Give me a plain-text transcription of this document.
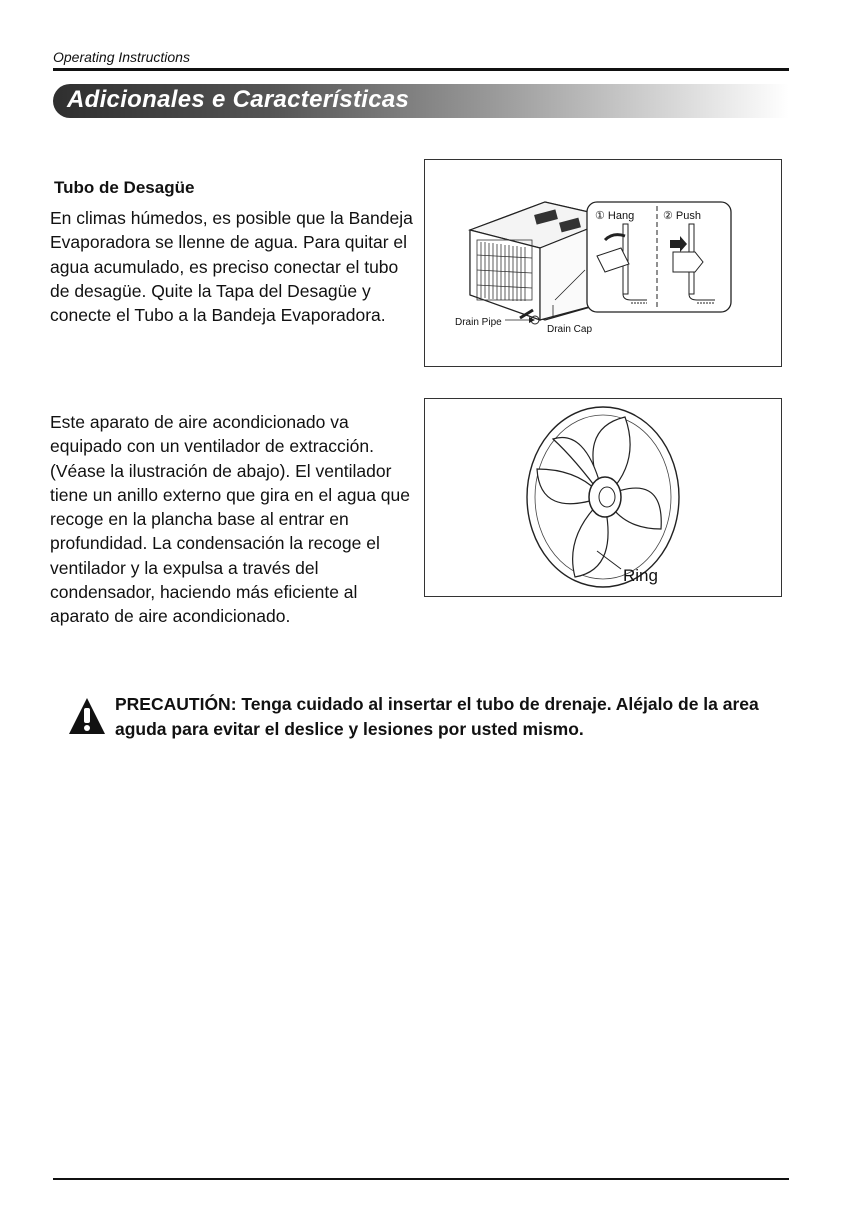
Operating Instructions
Adicionales e Características
Tubo de Desagüe
En climas húmedos, es posible que la Bandeja Evaporadora se llenne de agua. Para quitar el agua acumulado, es preciso conectar el tubo de desagüe. Quite la Tapa del Desagüe y conecte el Tubo a la Bandeja Evaporadora.
① Hang	② Push
Drain Pipe
Drain Cap
Este aparato de aire acondicionado va equipado con un ventilador de extracción. (Véase la ilustración de abajo). El ventilador tiene un anillo externo que gira en el agua que recoge en la plancha base al entrar en profundidad. La condensación la recoge el ventilador y la expulsa a través del condensador, haciendo más eficiente al aparato de aire acondicionado.
Ring
PRECAUTIÓN: Tenga cuidado al insertar el tubo de drenaje. Aléjalo de la area aguda para evitar el deslice y lesiones por usted mismo.
